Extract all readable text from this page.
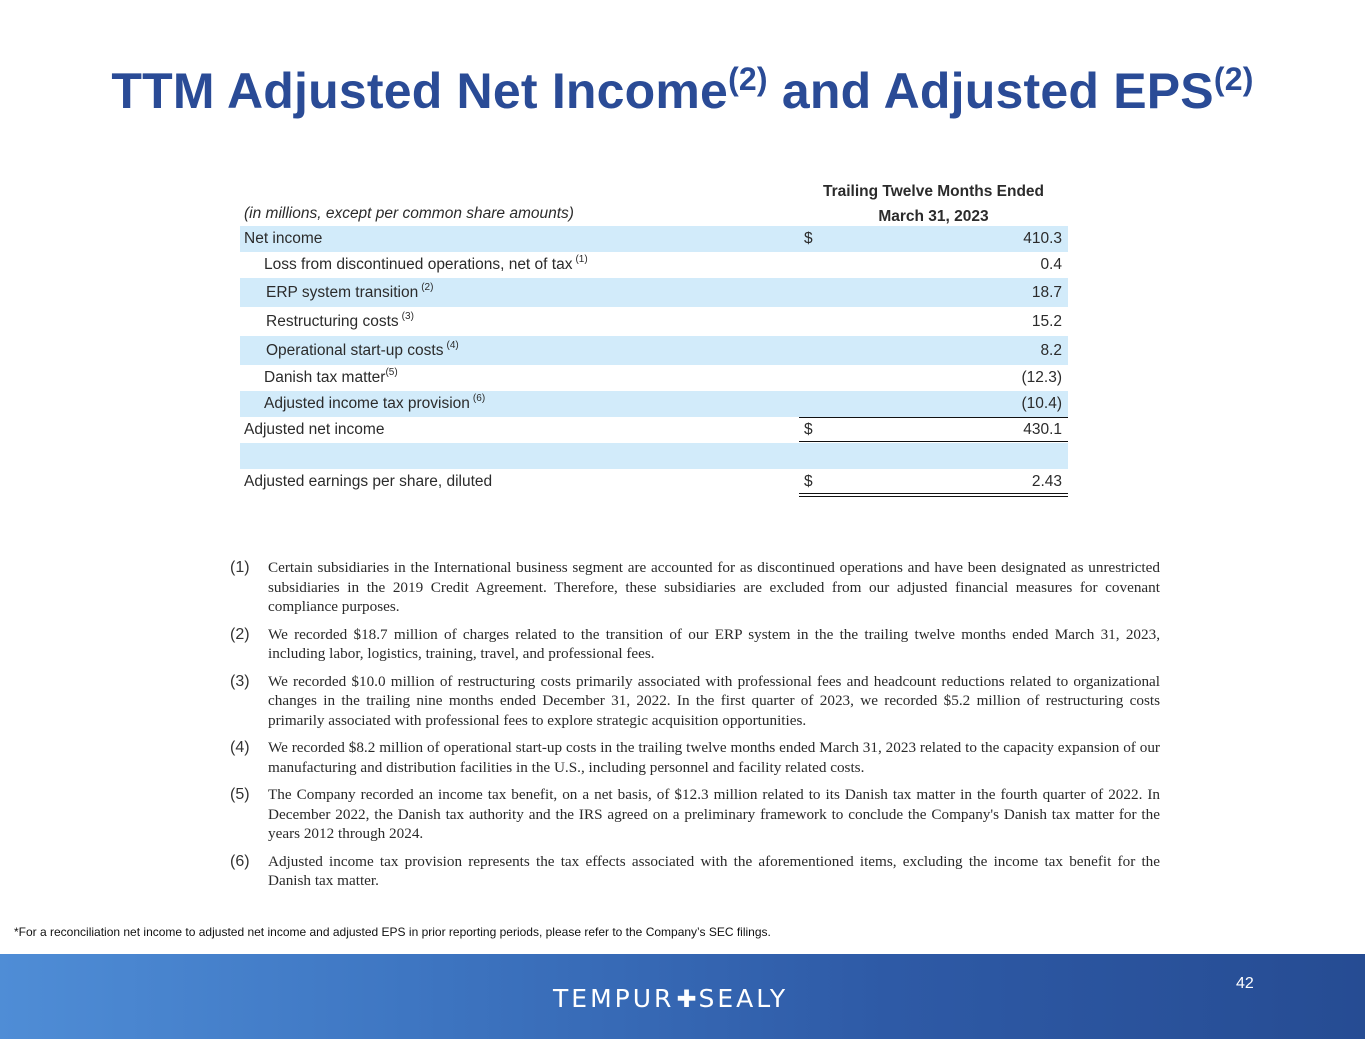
TTM Adjusted Net Income$^{(2)}$ and Adjusted EPS$^{(2)}$
(in millions, except per common share amounts)
Trailing Twelve Months Ended
March 31, 2023
Net income	$	410.3
Loss from discontinued operations, net of tax $^{(1)}$	0.4
ERP system transition $^{(2)}$	18.7
Restructuring costs $^{(3)}$	15.2
Operational start-up costs $^{(4)}$	8.2
Danish tax matter$^{(5)}$	(12.3)
Adjusted income tax provision $^{(6)}$	(10.4)
Adjusted net income	$	430.1
Adjusted earnings per share, diluted	$	2.43
(1)	Certain subsidiaries in the International business segment are accounted for as discontinued operations and have been designated as unrestricted subsidiaries in the 2019 Credit Agreement. Therefore, these subsidiaries are excluded from our adjusted financial measures for covenant compliance purposes.
(2)	We recorded $18.7 million of charges related to the transition of our ERP system in the the trailing twelve months ended March 31, 2023, including labor, logistics, training, travel, and professional fees.
(3)	We recorded $10.0 million of restructuring costs primarily associated with professional fees and headcount reductions related to organizational changes in the trailing nine months ended December 31, 2022. In the first quarter of 2023, we recorded $5.2 million of restructuring costs primarily associated with professional fees to explore strategic acquisition opportunities.
(4)	We recorded $8.2 million of operational start-up costs in the trailing twelve months ended March 31, 2023 related to the capacity expansion of our manufacturing and distribution facilities in the U.S., including personnel and facility related costs.
(5)	The Company recorded an income tax benefit, on a net basis, of $12.3 million related to its Danish tax matter in the fourth quarter of 2022. In December 2022, the Danish tax authority and the IRS agreed on a preliminary framework to conclude the Company's Danish tax matter for the years 2012 through 2024.
(6)	Adjusted income tax provision represents the tax effects associated with the aforementioned items, excluding the income tax benefit for the Danish tax matter.
*For a reconciliation net income to adjusted net income and adjusted EPS in prior reporting periods, please refer to the Company’s SEC filings.
TEMPUR✚SEALY
42
